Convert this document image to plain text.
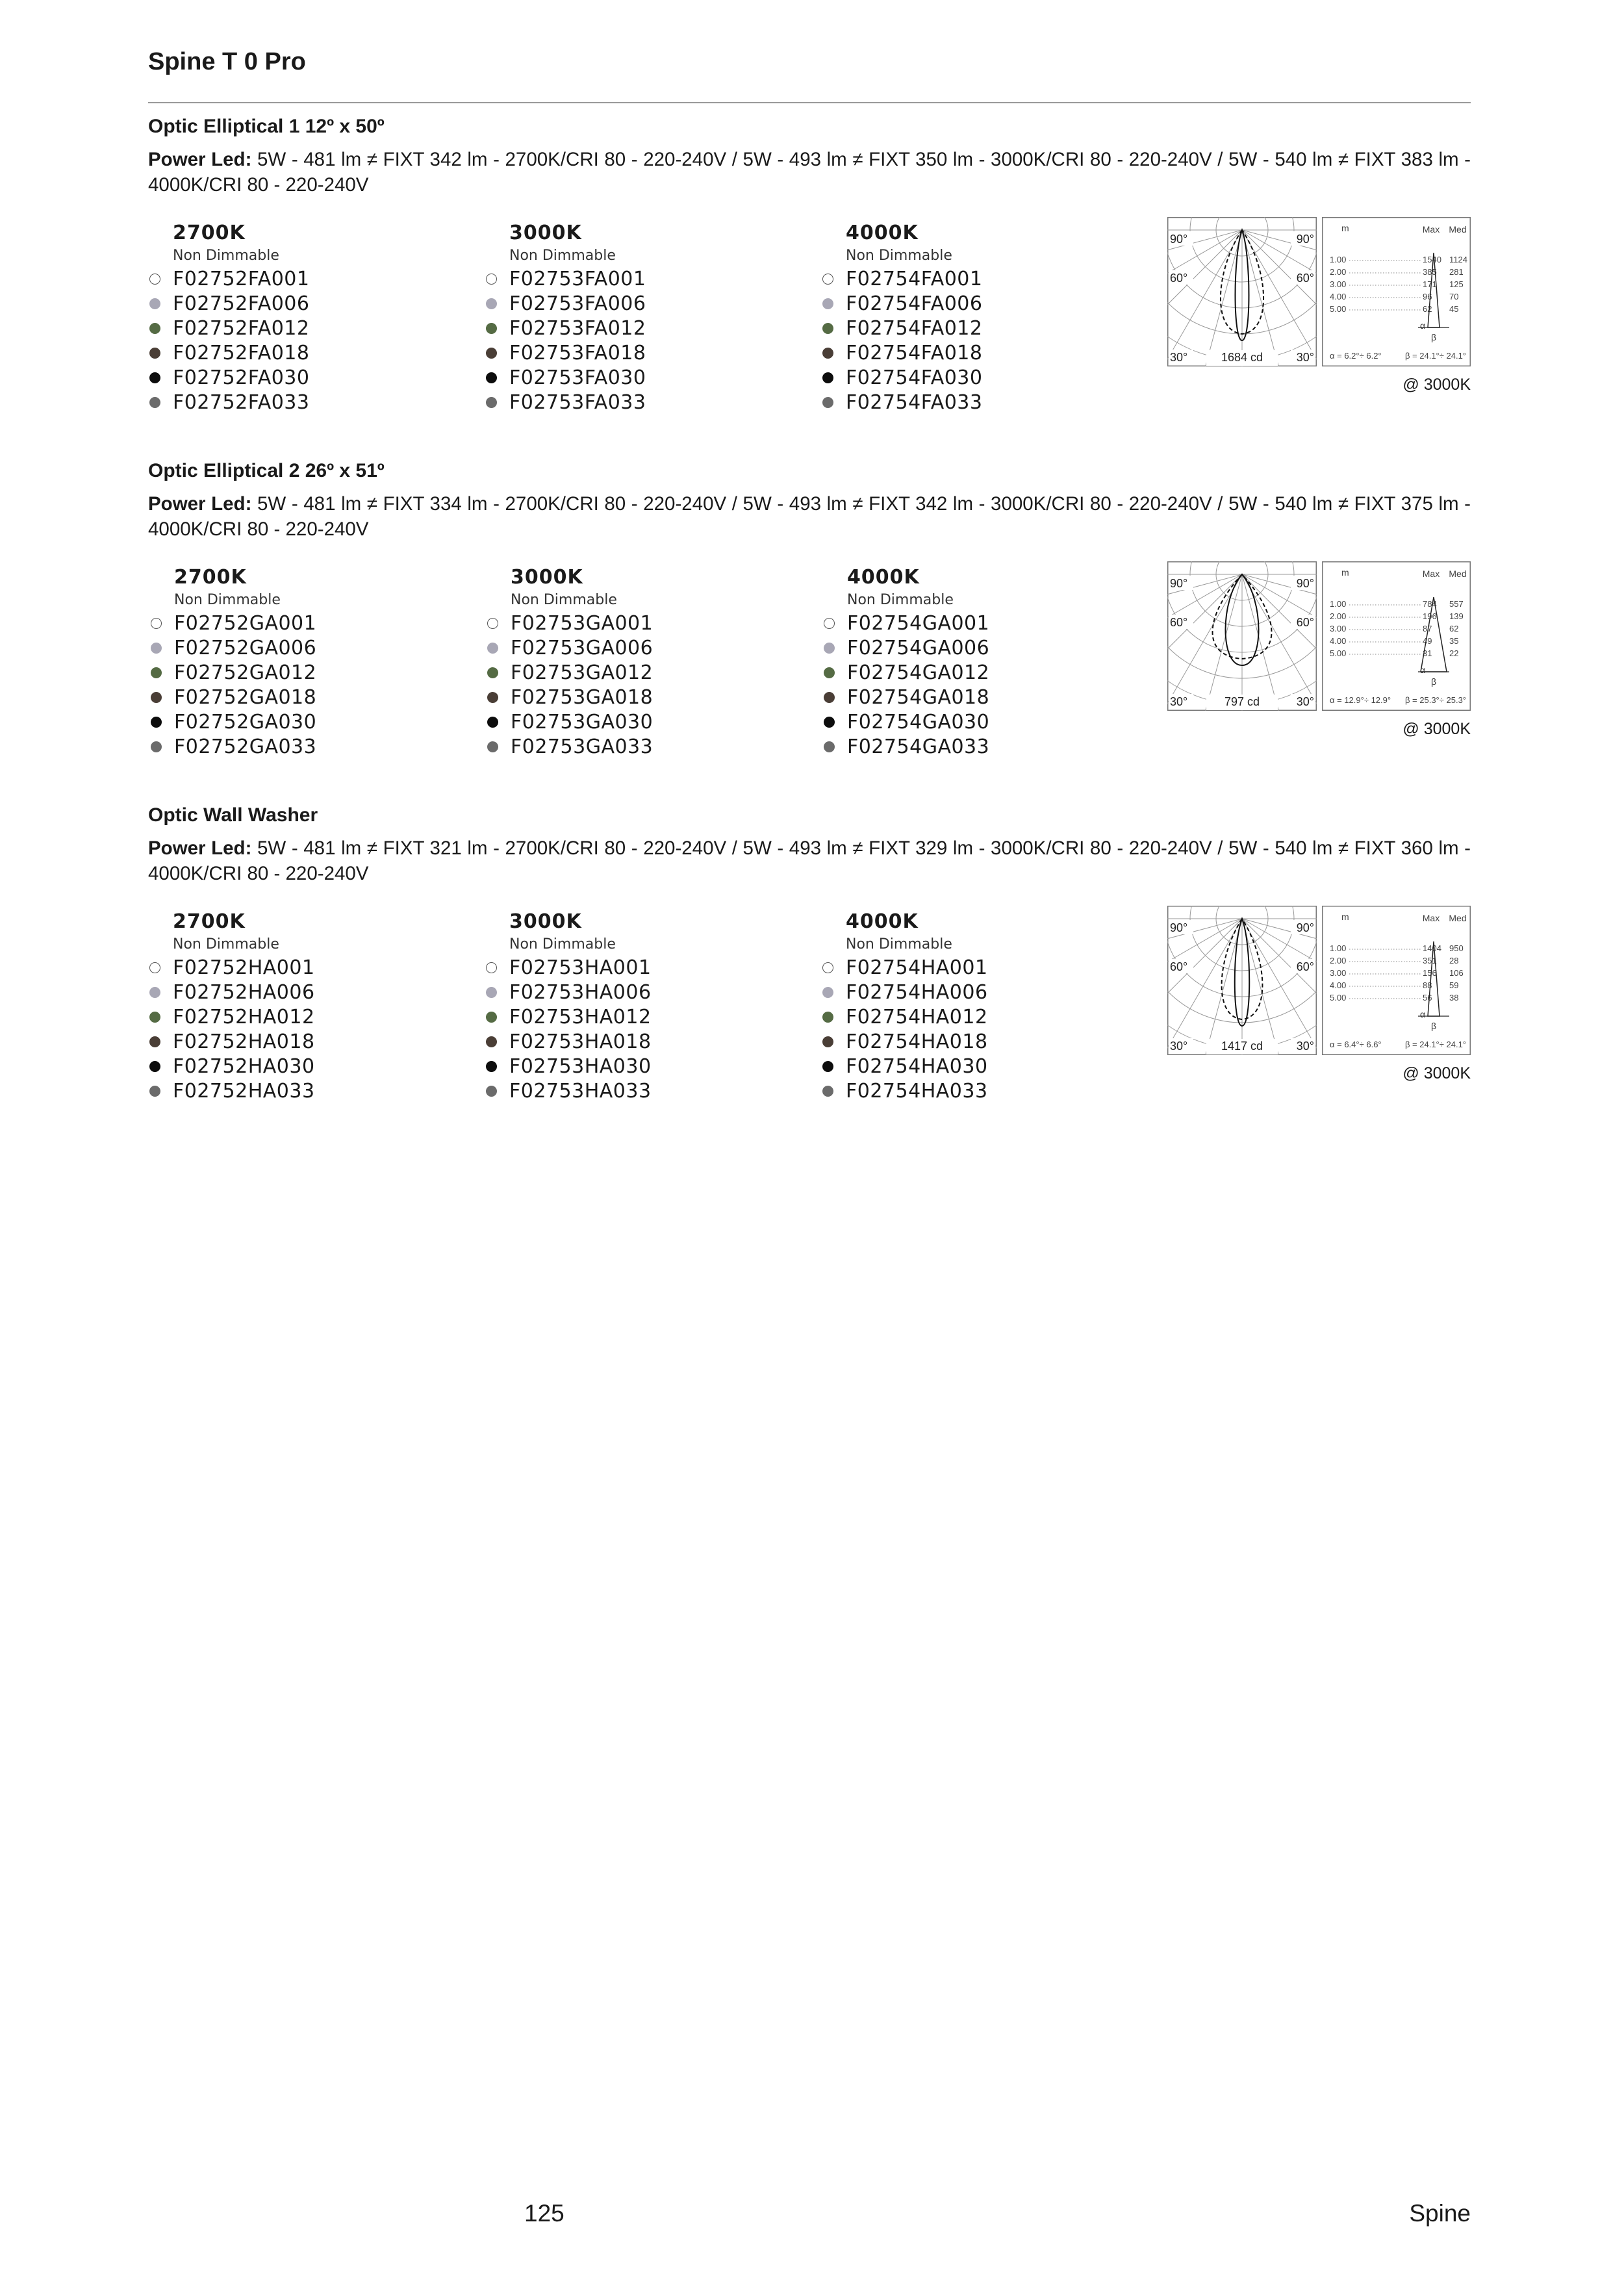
Spine T 0 Pro
Optic Elliptical 1 12º x 50º
Power Led: 5W - 481 lm ≠ FIXT 342 lm - 2700K/CRI 80 - 220-240V / 5W - 493 lm ≠ FIXT 350 lm - 3000K/CRI 80 - 220-240V / 5W - 540 lm ≠ FIXT 383 lm - 4000K/CRI 80 - 220-240V
2700K
Non Dimmable
F02752FA001
F02752FA006
F02752FA012
F02752FA018
F02752FA030
F02752FA033
3000K
Non Dimmable
F02753FA001
F02753FA006
F02753FA012
F02753FA018
F02753FA030
F02753FA033
4000K
Non Dimmable
F02754FA001
F02754FA006
F02754FA012
F02754FA018
F02754FA030
F02754FA033
90°	90°
60°	60°
30°	30°
1684 cd
m	Max Med
1.00	1540 1124
2.00	385 281
3.00	171 125
4.00	96 70
5.00	62 45
α
β
α = 6.2°÷ 6.2°	β = 24.1°÷ 24.1°
@ 3000K
Optic Elliptical 2 26º x 51º
Power Led: 5W - 481 lm ≠ FIXT 334 lm - 2700K/CRI 80 - 220-240V / 5W - 493 lm ≠ FIXT 342 lm - 3000K/CRI 80 - 220-240V / 5W - 540 lm ≠ FIXT 375 lm - 4000K/CRI 80 - 220-240V
2700K
Non Dimmable
F02752GA001
F02752GA006
F02752GA012
F02752GA018
F02752GA030
F02752GA033
3000K
Non Dimmable
F02753GA001
F02753GA006
F02753GA012
F02753GA018
F02753GA030
F02753GA033
4000K
Non Dimmable
F02754GA001
F02754GA006
F02754GA012
F02754GA018
F02754GA030
F02754GA033
90°	90°
60°	60°
30°	30°
797 cd
m	Max Med
1.00	784 557
2.00	196 139
3.00	87 62
4.00	49 35
5.00	31 22
α
β
α = 12.9°÷ 12.9° β = 25.3°÷ 25.3°
@ 3000K
Optic Wall Washer
Power Led: 5W - 481 lm ≠ FIXT 321 lm - 2700K/CRI 80 - 220-240V / 5W - 493 lm ≠ FIXT 329 lm - 3000K/CRI 80 - 220-240V / 5W - 540 lm ≠ FIXT 360 lm - 4000K/CRI 80 - 220-240V
2700K
Non Dimmable
F02752HA001
F02752HA006
F02752HA012
F02752HA018
F02752HA030
F02752HA033
3000K
Non Dimmable
F02753HA001
F02753HA006
F02753HA012
F02753HA018
F02753HA030
F02753HA033
4000K
Non Dimmable
F02754HA001
F02754HA006
F02754HA012
F02754HA018
F02754HA030
F02754HA033
90°	90°
60°	60°
30°	30°
1417 cd
m	Max Med
1.00	1404 950
2.00	351 28
3.00	156 106
4.00	88 59
5.00	56 38
α
β
α = 6.4°÷ 6.6°	β = 24.1°÷ 24.1°
@ 3000K
125	Spine
